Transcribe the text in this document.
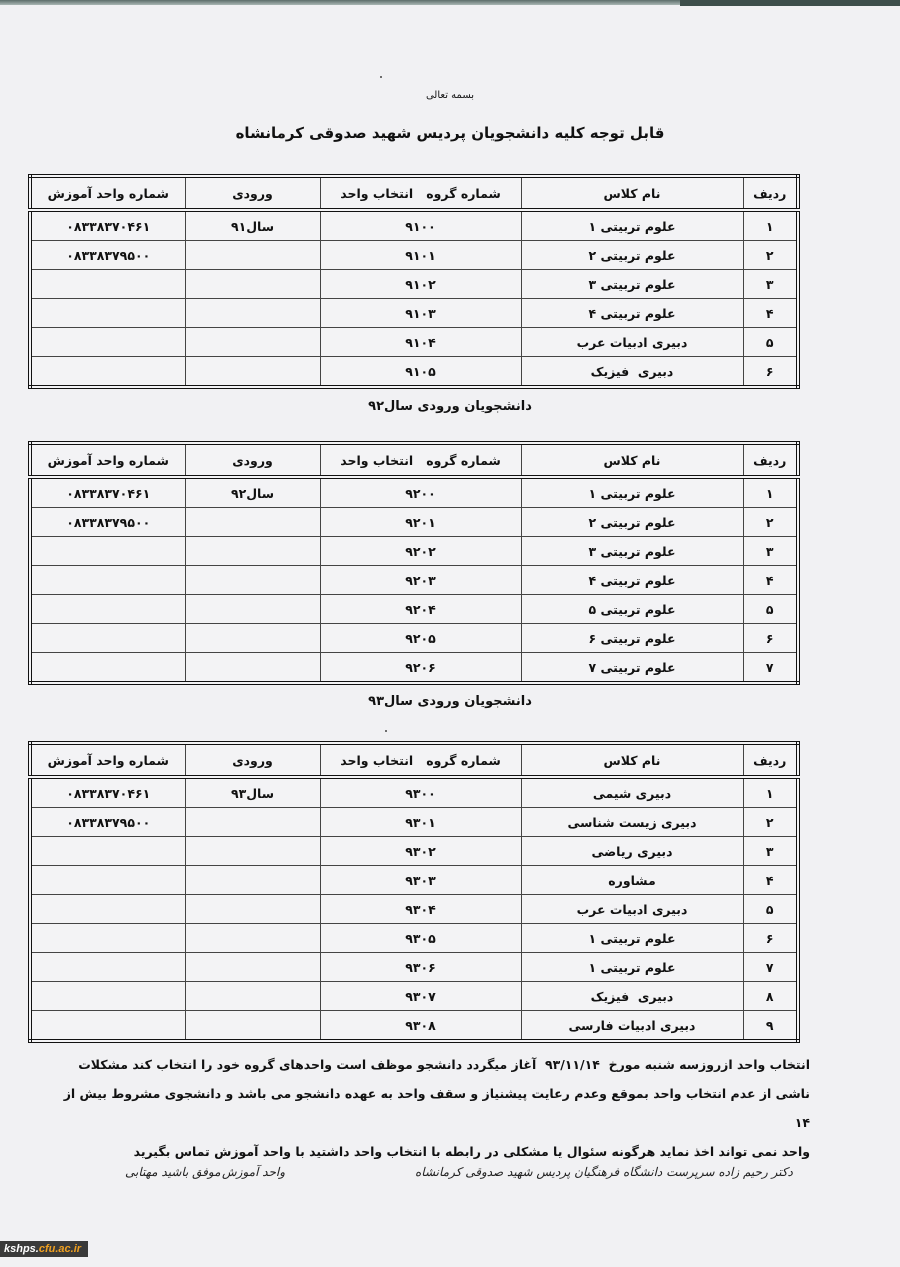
بسمه تعالی
قابل توجه کلیه دانشجویان پردیس شهید صدوقی کرمانشاه
ردیف	نام کلاس	شماره گروه   انتخاب واحد	ورودی	شماره واحد آموزش
۱	علوم تربیتی ۱	۹۱۰۰	سال۹۱	۰۸۳۳۸۳۷۰۴۶۱
۲	علوم تربیتی ۲	۹۱۰۱		۰۸۳۳۸۳۷۹۵۰۰
۳	علوم تربیتی ۳	۹۱۰۲		
۴	علوم تربیتی ۴	۹۱۰۳		
۵	دبیری ادبیات عرب	۹۱۰۴		
۶	دبیری  فیزیک	۹۱۰۵		
دانشجویان ورودی سال۹۲
ردیف	نام کلاس	شماره گروه   انتخاب واحد	ورودی	شماره واحد آموزش
۱	علوم تربیتی ۱	۹۲۰۰	سال۹۲	۰۸۳۳۸۳۷۰۴۶۱
۲	علوم تربیتی ۲	۹۲۰۱		۰۸۳۳۸۳۷۹۵۰۰
۳	علوم تربیتی ۳	۹۲۰۲		
۴	علوم تربیتی ۴	۹۲۰۳		
۵	علوم تربیتی ۵	۹۲۰۴		
۶	علوم تربیتی ۶	۹۲۰۵		
۷	علوم تربیتی ۷	۹۲۰۶		
دانشجویان ورودی سال۹۳
ردیف	نام کلاس	شماره گروه   انتخاب واحد	ورودی	شماره واحد آموزش
۱	دبیری شیمی	۹۳۰۰	سال۹۳	۰۸۳۳۸۳۷۰۴۶۱
۲	دبیری زیست شناسی	۹۳۰۱		۰۸۳۳۸۳۷۹۵۰۰
۳	دبیری ریاضی	۹۳۰۲		
۴	مشاوره	۹۳۰۳		
۵	دبیری ادبیات عرب	۹۳۰۴		
۶	علوم تربیتی ۱	۹۳۰۵		
۷	علوم تربیتی ۱	۹۳۰۶		
۸	دبیری  فیزیک	۹۳۰۷		
۹	دبیری ادبیات فارسی	۹۳۰۸		
انتخاب واحد ازروزسه شنبه مورخ  ۹۳/۱۱/۱۴  آغاز میگردد دانشجو موظف است واحدهای گروه خود را انتخاب کند مشکلات
ناشی از عدم انتخاب واحد بموقع وعدم رعایت پیشنیاز و سقف واحد به عهده دانشجو می باشد و دانشجوی مشروط بیش از ۱۴
واحد نمی تواند اخذ نماید هرگونه سئوال یا مشکلی در رابطه با انتخاب واحد داشتید با واحد آموزش تماس بگیرید
دکتر رحیم زاده سرپرست دانشگاه فرهنگیان پردیس شهید صدوقی کرمانشاه
واحد آموزش
موفق باشید مهتابی
kshps.cfu.ac.ir
